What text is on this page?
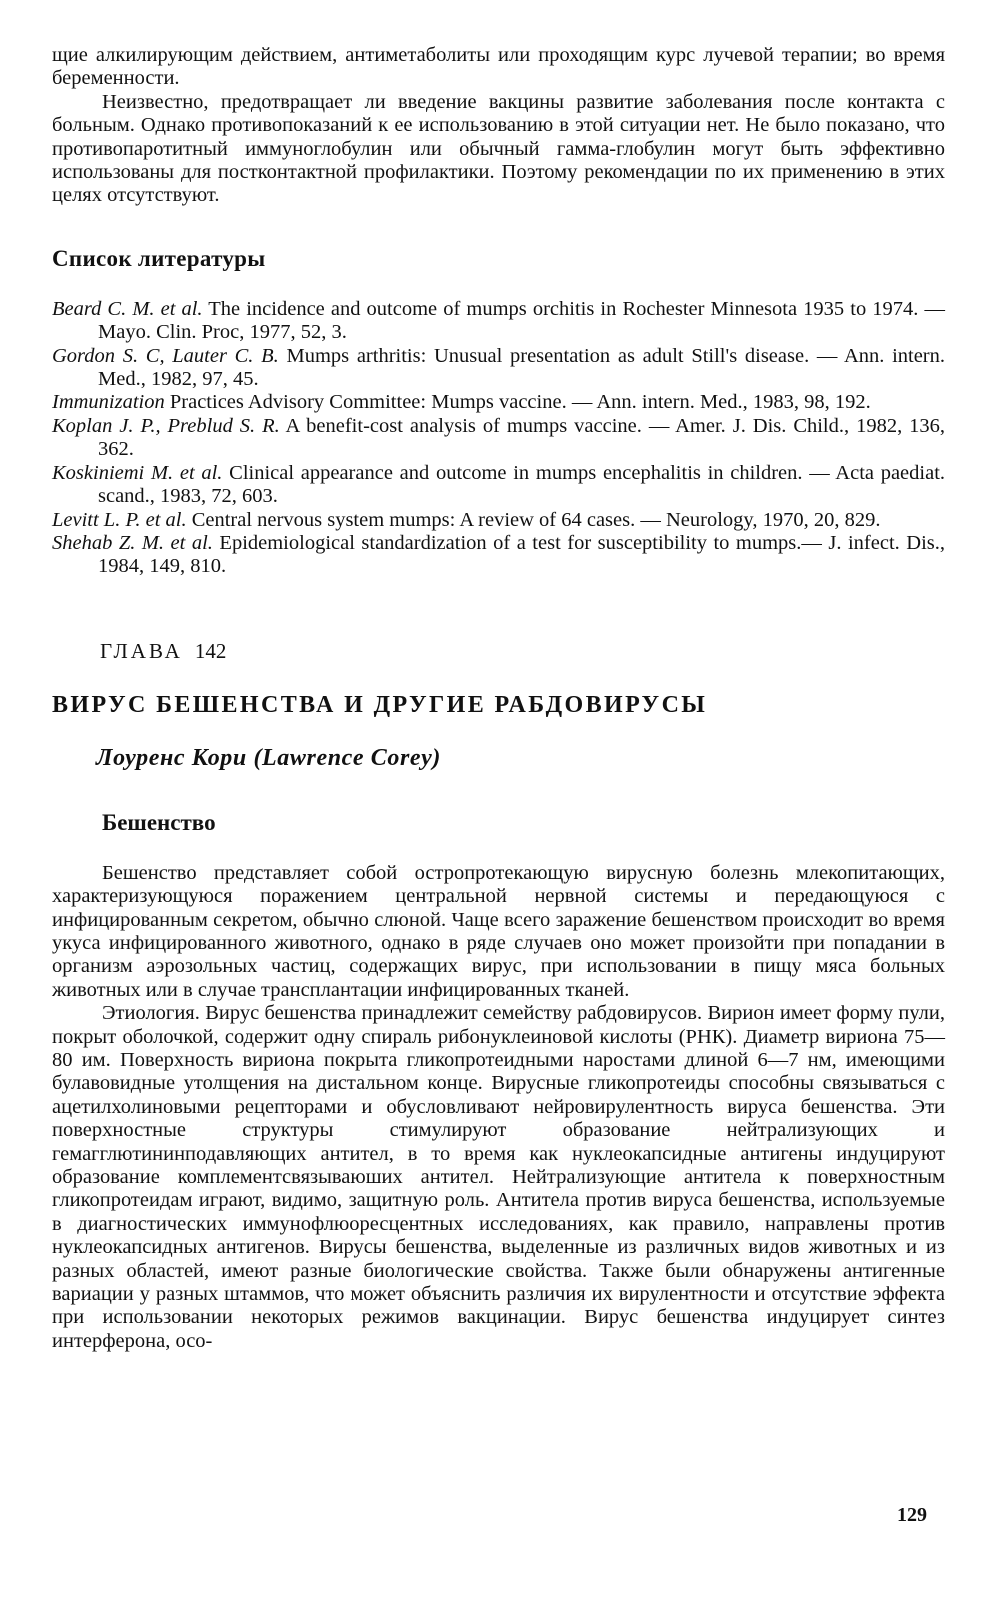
щие алкилирующим действием, антиметаболиты или проходящим курс лучевой терапии; во время беременности.

Неизвестно, предотвращает ли введение вакцины развитие заболевания после контакта с больным. Однако противопоказаний к ее использованию в этой ситуации нет. Не было показано, что противопаротитный иммуноглобулин или обычный гамма-глобулин могут быть эффективно использованы для постконтактной профилактики. Поэтому рекомендации по их применению в этих целях отсутствуют.

Список литературы
Beard C. M. et al. The incidence and outcome of mumps orchitis in Rochester Minnesota 1935 to 1974. — Mayo. Clin. Proc, 1977, 52, 3.
Gordon S. C, Lauter C. B. Mumps arthritis: Unusual presentation as adult Still's disease. — Ann. intern. Med., 1982, 97, 45.
Immunization Practices Advisory Committee: Mumps vaccine. — Ann. intern. Med., 1983, 98, 192.
Koplan J. P., Preblud S. R. A benefit-cost analysis of mumps vaccine. — Amer. J. Dis. Child., 1982, 136, 362.
Koskiniemi M. et al. Clinical appearance and outcome in mumps encephalitis in children. — Acta paediat. scand., 1983, 72, 603.
Levitt L. P. et al. Central nervous system mumps: A review of 64 cases. — Neurology, 1970, 20, 829.
Shehab Z. M. et al. Epidemiological standardization of a test for susceptibility to mumps.— J. infect. Dis., 1984, 149, 810.
ГЛАВА 142
ВИРУС БЕШЕНСТВА И ДРУГИЕ РАБДОВИРУСЫ
Лоуренс Кори (Lawrence Corey)
Бешенство

Бешенство представляет собой остропротекающую вирусную болезнь млекопитающих, характеризующуюся поражением центральной нервной системы и передающуюся с инфицированным секретом, обычно слюной. Чаще всего заражение бешенством происходит во время укуса инфицированного животного, однако в ряде случаев оно может произойти при попадании в организм аэрозольных частиц, содержащих вирус, при использовании в пищу мяса больных животных или в случае трансплантации инфицированных тканей.

Этиология. Вирус бешенства принадлежит семейству рабдовирусов. Вирион имеет форму пули, покрыт оболочкой, содержит одну спираль рибонуклеиновой кислоты (РНК). Диаметр вириона 75—80 им. Поверхность вириона покрыта гликопротеидными наростами длиной 6—7 нм, имеющими булавовидные утолщения на дистальном конце. Вирусные гликопротеиды способны связываться с ацетилхолиновыми рецепторами и обусловливают нейровирулентность вируса бешенства. Эти поверхностные структуры стимулируют образование нейтрализующих и гемагглютининподавляющих антител, в то время как нуклеокапсидные антигены индуцируют образование комплементсвязываюших антител. Нейтрализующие антитела к поверхностным гликопротеидам играют, видимо, защитную роль. Антитела против вируса бешенства, используемые в диагностических иммунофлюоресцентных исследованиях, как правило, направлены против нуклеокапсидных антигенов. Вирусы бешенства, выделенные из различных видов животных и из разных областей, имеют разные биологические свойства. Также были обнаружены антигенные вариации у разных штаммов, что может объяснить различия их вирулентности и отсутствие эффекта при использовании некоторых режимов вакцинации. Вирус бешенства индуцирует синтез интерферона, осо-

129
